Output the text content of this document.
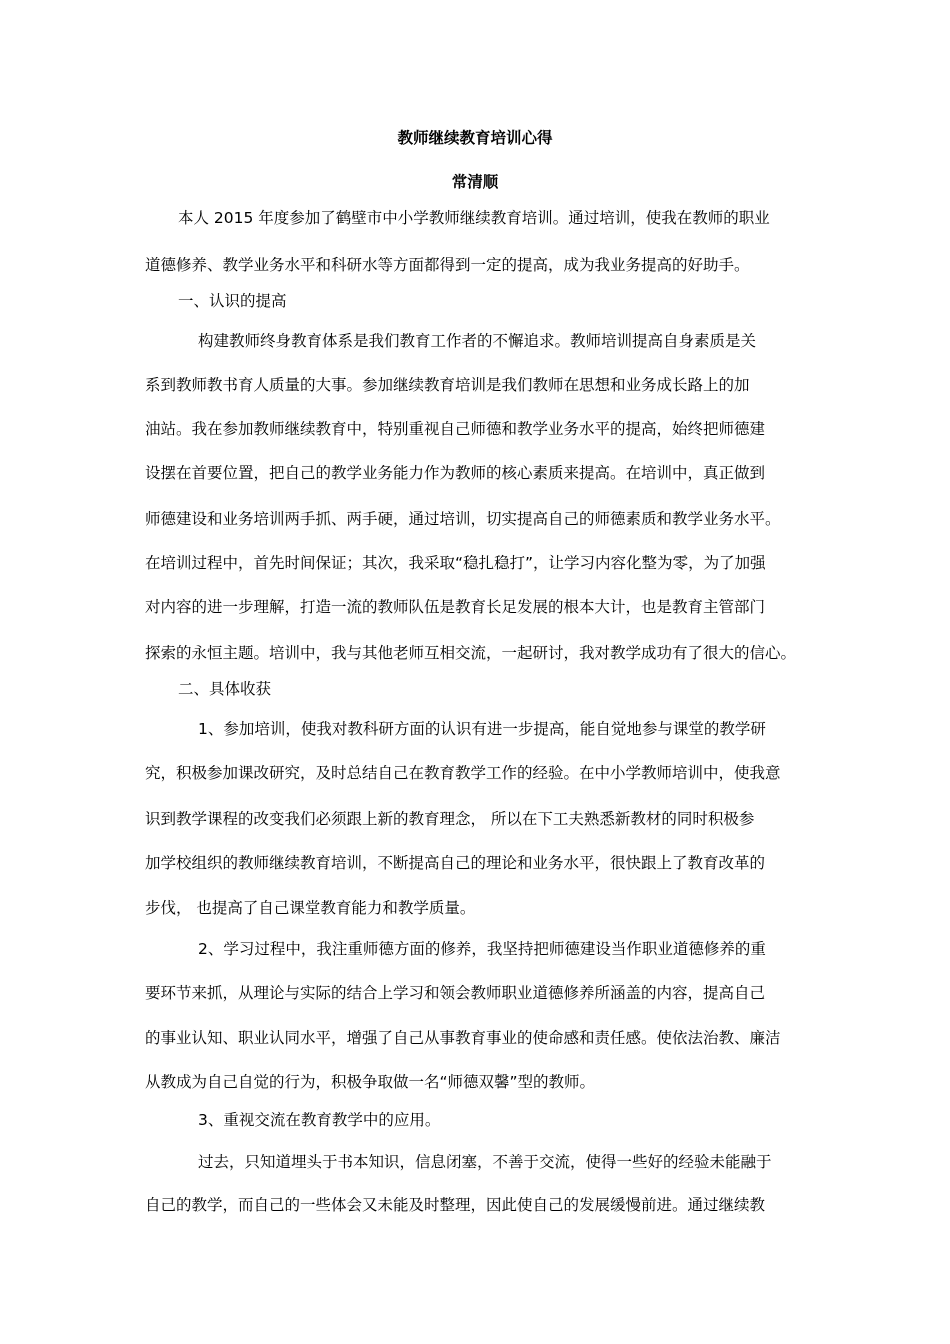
教师继续教育培训心得
常清顺
本人 2015 年度参加了鹤壁市中小学教师继续教育培训。通过培训，使我在教师的职业
道德修养、教学业务水平和科研水等方面都得到一定的提高，成为我业务提高的好助手。
一、认识的提高
构建教师终身教育体系是我们教育工作者的不懈追求。教师培训提高自身素质是关
系到教师教书育人质量的大事。参加继续教育培训是我们教师在思想和业务成长路上的加
油站。我在参加教师继续教育中，特别重视自己师德和教学业务水平的提高，始终把师德建
设摆在首要位置，把自己的教学业务能力作为教师的核心素质来提高。在培训中，真正做到
师德建设和业务培训两手抓、两手硬，通过培训，切实提高自己的师德素质和教学业务水平。
在培训过程中，首先时间保证；其次，我采取“稳扎稳打”，让学习内容化整为零，为了加强
对内容的进一步理解，打造一流的教师队伍是教育长足发展的根本大计，也是教育主管部门
探索的永恒主题。培训中，我与其他老师互相交流，一起研讨，我对教学成功有了很大的信心。
二、具体收获
1、参加培训，使我对教科研方面的认识有进一步提高，能自觉地参与课堂的教学研
究，积极参加课改研究，及时总结自己在教育教学工作的经验。在中小学教师培训中，使我意
识到教学课程的改变我们必须跟上新的教育理念， 所以在下工夫熟悉新教材的同时积极参
加学校组织的教师继续教育培训，不断提高自己的理论和业务水平，很快跟上了教育改革的
步伐， 也提高了自己课堂教育能力和教学质量。
2、学习过程中，我注重师德方面的修养，我坚持把师德建设当作职业道德修养的重
要环节来抓，从理论与实际的结合上学习和领会教师职业道德修养所涵盖的内容，提高自己
的事业认知、职业认同水平，增强了自己从事教育事业的使命感和责任感。使依法治教、廉洁
从教成为自己自觉的行为，积极争取做一名“师德双馨”型的教师。
3、重视交流在教育教学中的应用。
过去，只知道埋头于书本知识，信息闭塞，不善于交流，使得一些好的经验未能融于
自己的教学，而自己的一些体会又未能及时整理，因此使自己的发展缓慢前进。通过继续教
